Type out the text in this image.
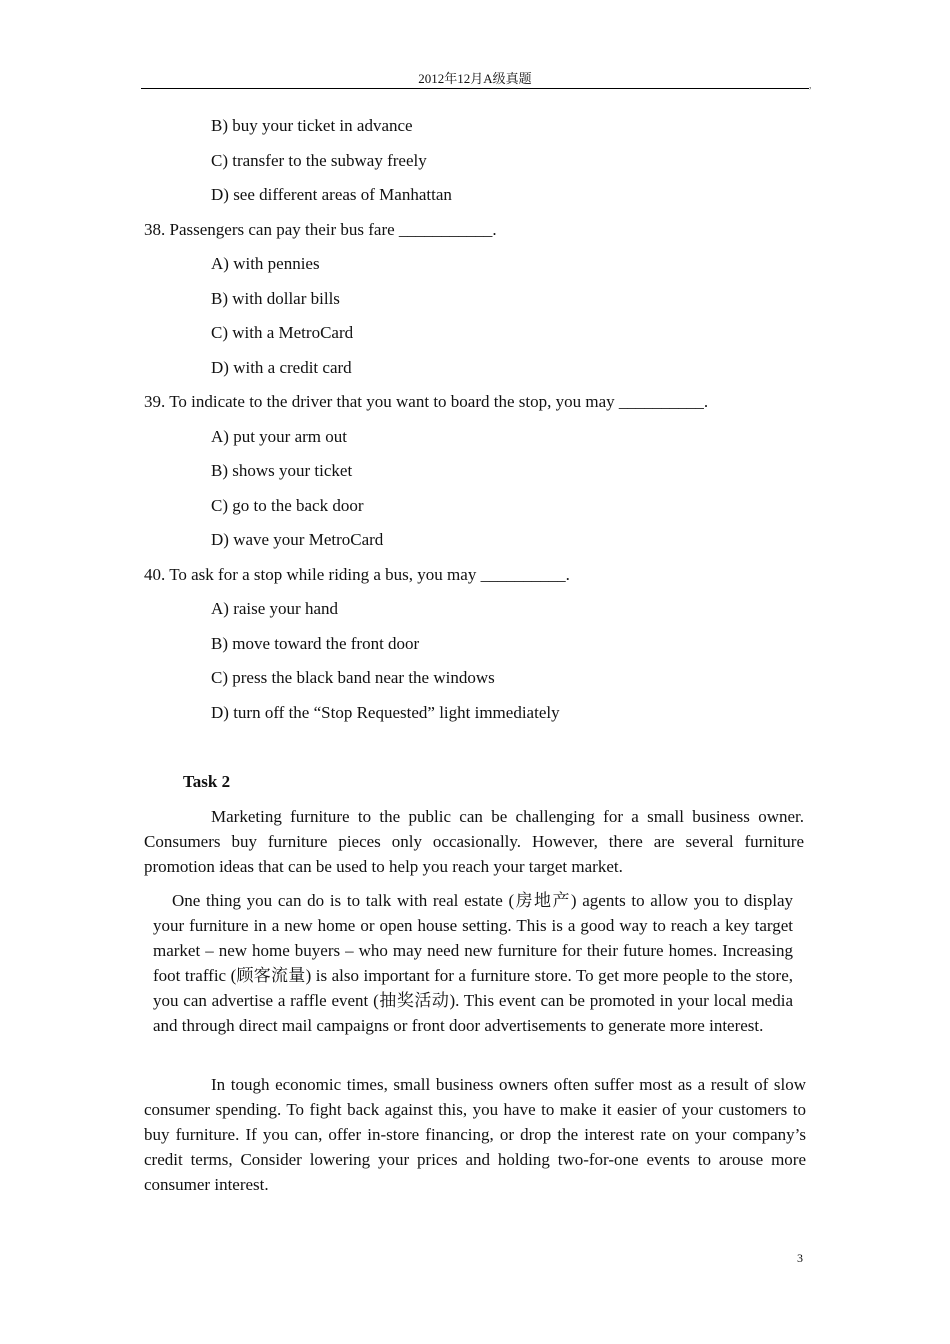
2012年12月A级真题	,
B) buy your ticket in advance
C) transfer to the subway freely
D) see different areas of Manhattan
38. Passengers can pay their bus fare ___________.
A) with pennies
B) with dollar bills
C) with a MetroCard
D) with a credit card
39. To indicate to the driver that you want to board the stop, you may __________.
A) put your arm out
B) shows your ticket
C) go to the back door
D) wave your MetroCard
40. To ask for a stop while riding a bus, you may __________.
A) raise your hand
B) move toward the front door
C) press the black band near the windows
D) turn off the “Stop Requested” light immediately
Task 2
Marketing furniture to the public can be challenging for a small business owner. Consumers buy furniture pieces only occasionally. However, there are several furniture promotion ideas that can be used to help you reach your target market.
One thing you can do is to talk with real estate (房地产) agents to allow you to display your furniture in a new home or open house setting. This is a good way to reach a key target market – new home buyers – who may need new furniture for their future homes. Increasing foot traffic (顾客流量) is also important for a furniture store. To get more people to the store, you can advertise a raffle event (抽奖活动). This event can be promoted in your local media and through direct mail campaigns or front door advertisements to generate more interest.
In tough economic times, small business owners often suffer most as a result of slow consumer spending. To fight back against this, you have to make it easier of your customers to buy furniture. If you can, offer in-store financing, or drop the interest rate on your company’s credit terms, Consider lowering your prices and holding two-for-one events to arouse more consumer interest.
3
